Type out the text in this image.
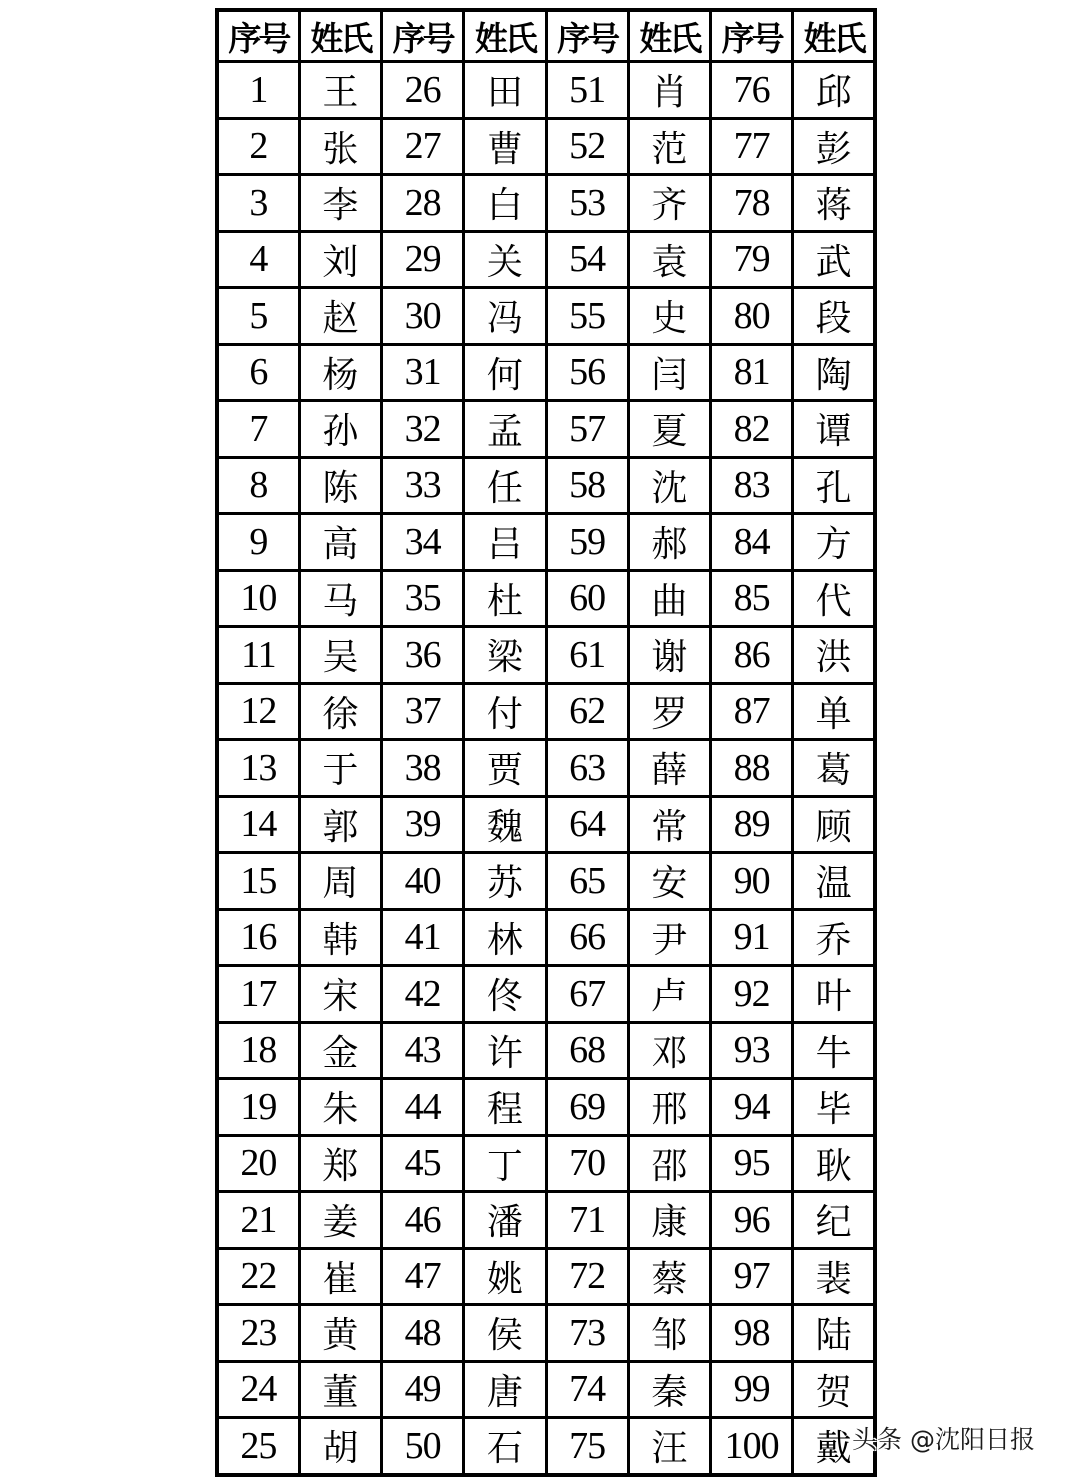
序号	姓氏	序号	姓氏	序号	姓氏	序号	姓氏
1	王	26	田	51	肖	76	邱
2	张	27	曹	52	范	77	彭
3	李	28	白	53	齐	78	蒋
4	刘	29	关	54	袁	79	武
5	赵	30	冯	55	史	80	段
6	杨	31	何	56	闫	81	陶
7	孙	32	孟	57	夏	82	谭
8	陈	33	任	58	沈	83	孔
9	高	34	吕	59	郝	84	方
10	马	35	杜	60	曲	85	代
11	吴	36	梁	61	谢	86	洪
12	徐	37	付	62	罗	87	单
13	于	38	贾	63	薛	88	葛
14	郭	39	魏	64	常	89	顾
15	周	40	苏	65	安	90	温
16	韩	41	林	66	尹	91	乔
17	宋	42	佟	67	卢	92	叶
18	金	43	许	68	邓	93	牛
19	朱	44	程	69	邢	94	毕
20	郑	45	丁	70	邵	95	耿
21	姜	46	潘	71	康	96	纪
22	崔	47	姚	72	蔡	97	裴
23	黄	48	侯	73	邹	98	陆
24	董	49	唐	74	秦	99	贺
25	胡	50	石	75	汪	100	戴 头条 @沈阳日报
